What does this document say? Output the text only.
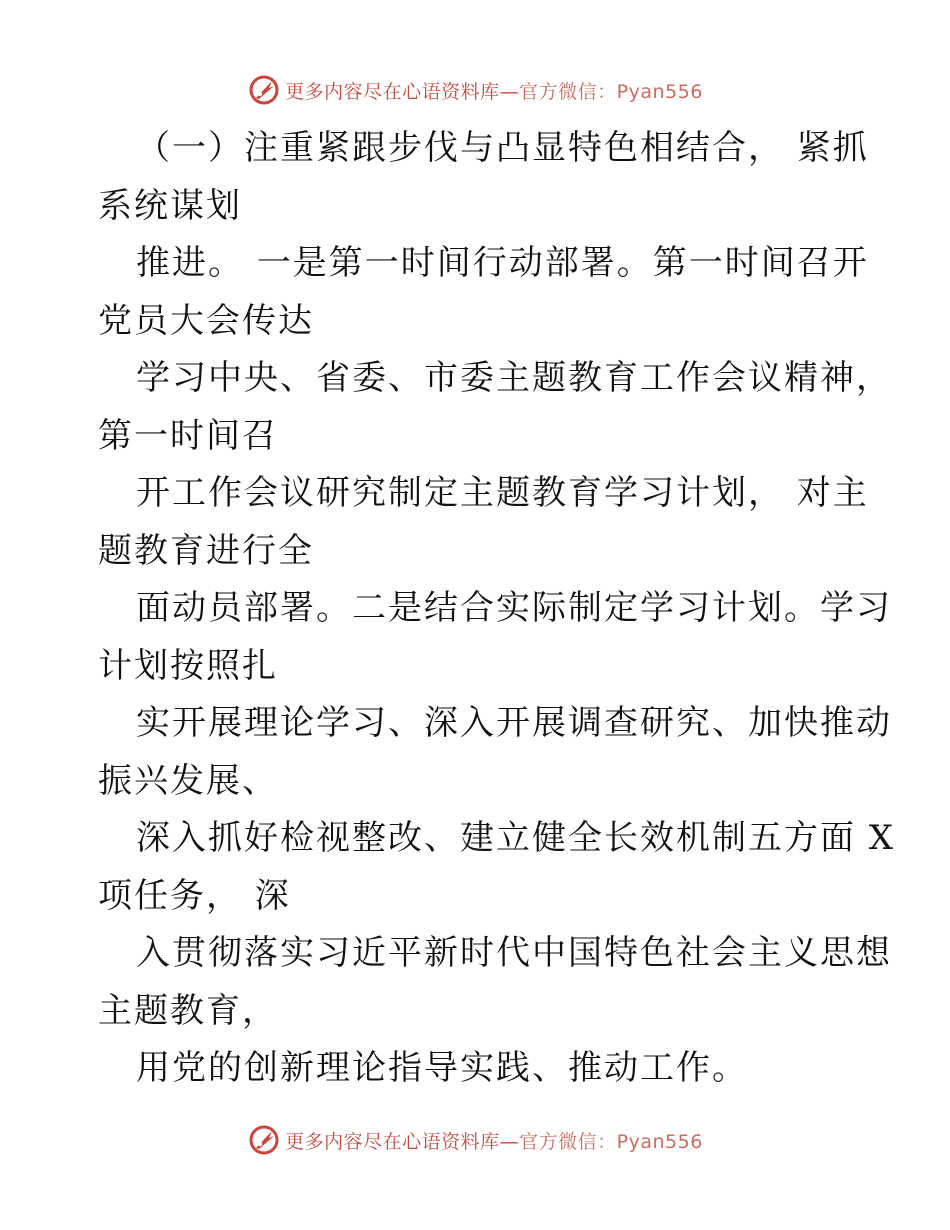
更多内容尽在心语资料库—官方微信：Pyan556
（一）注重紧跟步伐与凸显特色相结合， 紧抓
系统谋划
推进。 一是第一时间行动部署。第一时间召开
党员大会传达
学习中央、省委、市委主题教育工作会议精神，
第一时间召
开工作会议研究制定主题教育学习计划， 对主
题教育进行全
面动员部署。二是结合实际制定学习计划。学习
计划按照扎
实开展理论学习、深入开展调查研究、加快推动
振兴发展、
深入抓好检视整改、建立健全长效机制五方面 X
项任务， 深
入贯彻落实习近平新时代中国特色社会主义思想
主题教育，
用党的创新理论指导实践、推动工作。
更多内容尽在心语资料库—官方微信：Pyan556
